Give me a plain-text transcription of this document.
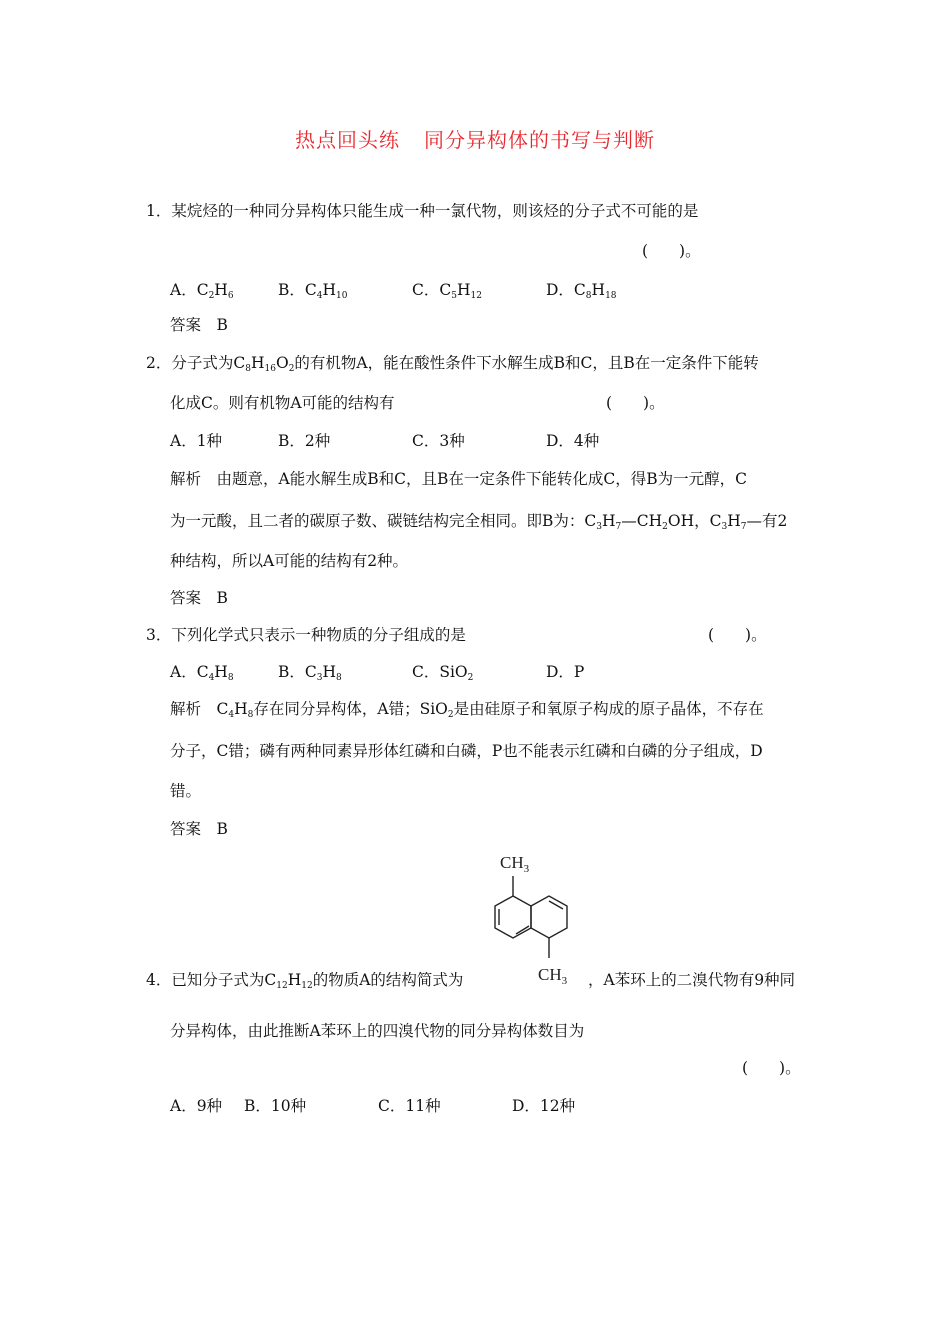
热点回头练 同分异构体的书写与判断
1．某烷烃的一种同分异构体只能生成一种一氯代物，则该烃的分子式不可能的是
(　　)。
A．$C_2H_6$	B．$C_4H_{10}$	C．$C_5H_{12}$	D．$C_8H_{18}$
答案　B
2．分子式为$C_8H_{16}O_2$的有机物A，能在酸性条件下水解生成B和C，且B在一定条件下能转
化成C。则有机物A可能的结构有	(　　)。
A．1种	B．2种	C．3种	D．4种
解析　由题意，A能水解生成B和C，且B在一定条件下能转化成C，得B为一元醇，C
为一元酸，且二者的碳原子数、碳链结构完全相同。即B为：$C_3H_7—CH_2OH$，$C_3H_7—$有2
种结构，所以A可能的结构有2种。
答案　B
3．下列化学式只表示一种物质的分子组成的是	(　　)。
A．$C_4H_8$	B．$C_3H_8$	C．SiO$_2$	D．P
解析　$C_4H_8$存在同分异构体，A错；SiO$_2$是由硅原子和氧原子构成的原子晶体，不存在
分子，C错；磷有两种同素异形体红磷和白磷，P也不能表示红磷和白磷的分子组成，D
错。
答案　B
$CH_3$
$CH_3$
4．已知分子式为$C_{12}H_{12}$的物质A的结构简式为	，A苯环上的二溴代物有9种同
分异构体，由此推断A苯环上的四溴代物的同分异构体数目为
(　　)。
A．9种 B．10种	C．11种	D．12种
